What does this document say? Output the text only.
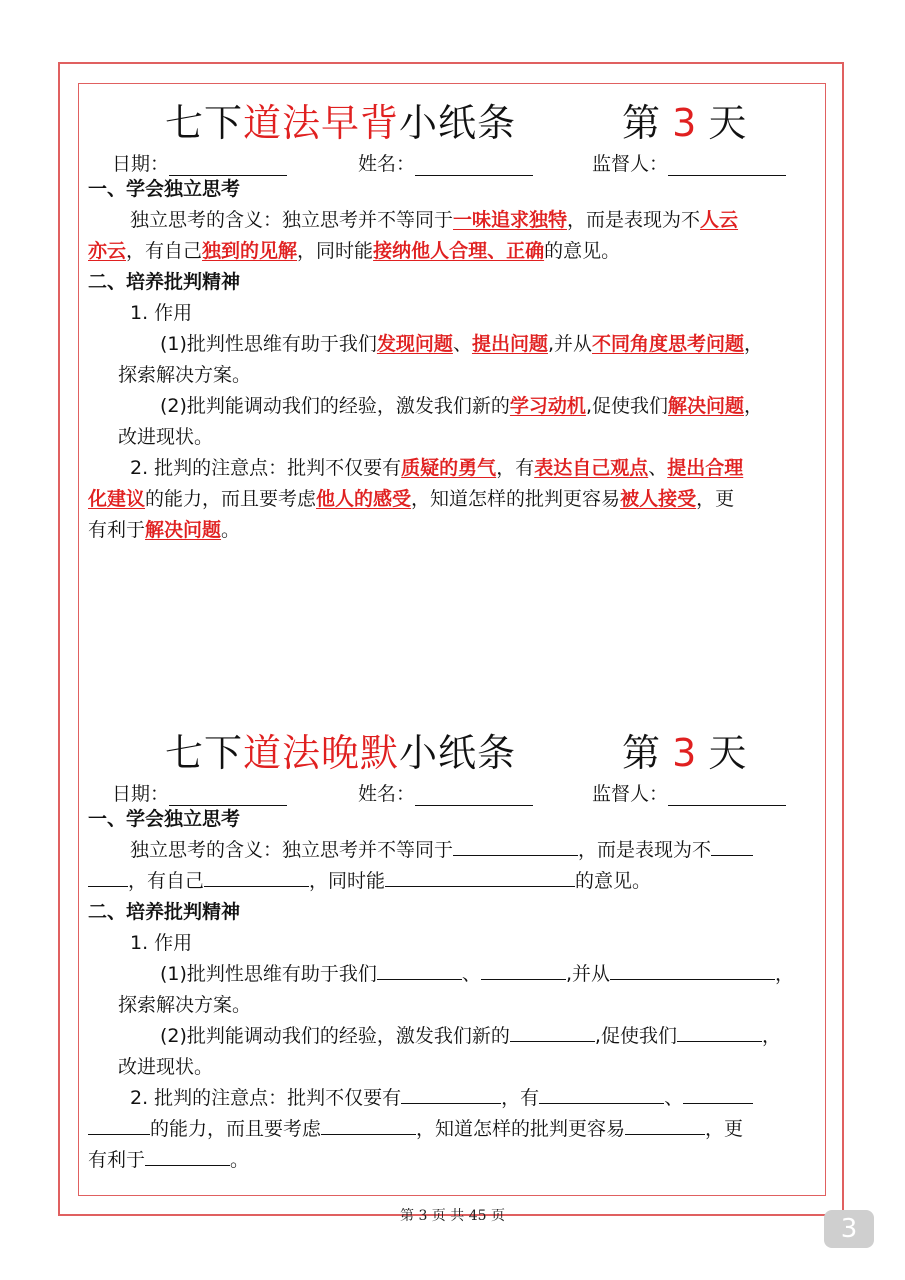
七下道法早背小纸条	第 3 天
日期：	姓名：	监督人：
一、学会独立思考
独立思考的含义：独立思考并不等同于一味追求独特，而是表现为不人云
亦云，有自己独到的见解，同时能接纳他人合理、正确的意见。
二、培养批判精神
1. 作用
(1)批判性思维有助于我们发现问题、提出问题,并从不同角度思考问题，
探索解决方案。
(2)批判能调动我们的经验，激发我们新的学习动机,促使我们解决问题，
改进现状。
2. 批判的注意点：批判不仅要有质疑的勇气，有表达自己观点、提出合理
化建议的能力，而且要考虑他人的感受，知道怎样的批判更容易被人接受，更
有利于解决问题。
七下道法晚默小纸条	第 3 天
日期：	姓名：	监督人：
一、学会独立思考
独立思考的含义：独立思考并不等同于	，而是表现为不
，有自己	，同时能	的意见。
二、培养批判精神
1. 作用
(1)批判性思维有助于我们	、	,并从	，
探索解决方案。
(2)批判能调动我们的经验，激发我们新的	,促使我们	，
改进现状。
2. 批判的注意点：批判不仅要有	，有	、
的能力，而且要考虑	，知道怎样的批判更容易	，更
有利于	。
第 3 页 共 45 页	3
